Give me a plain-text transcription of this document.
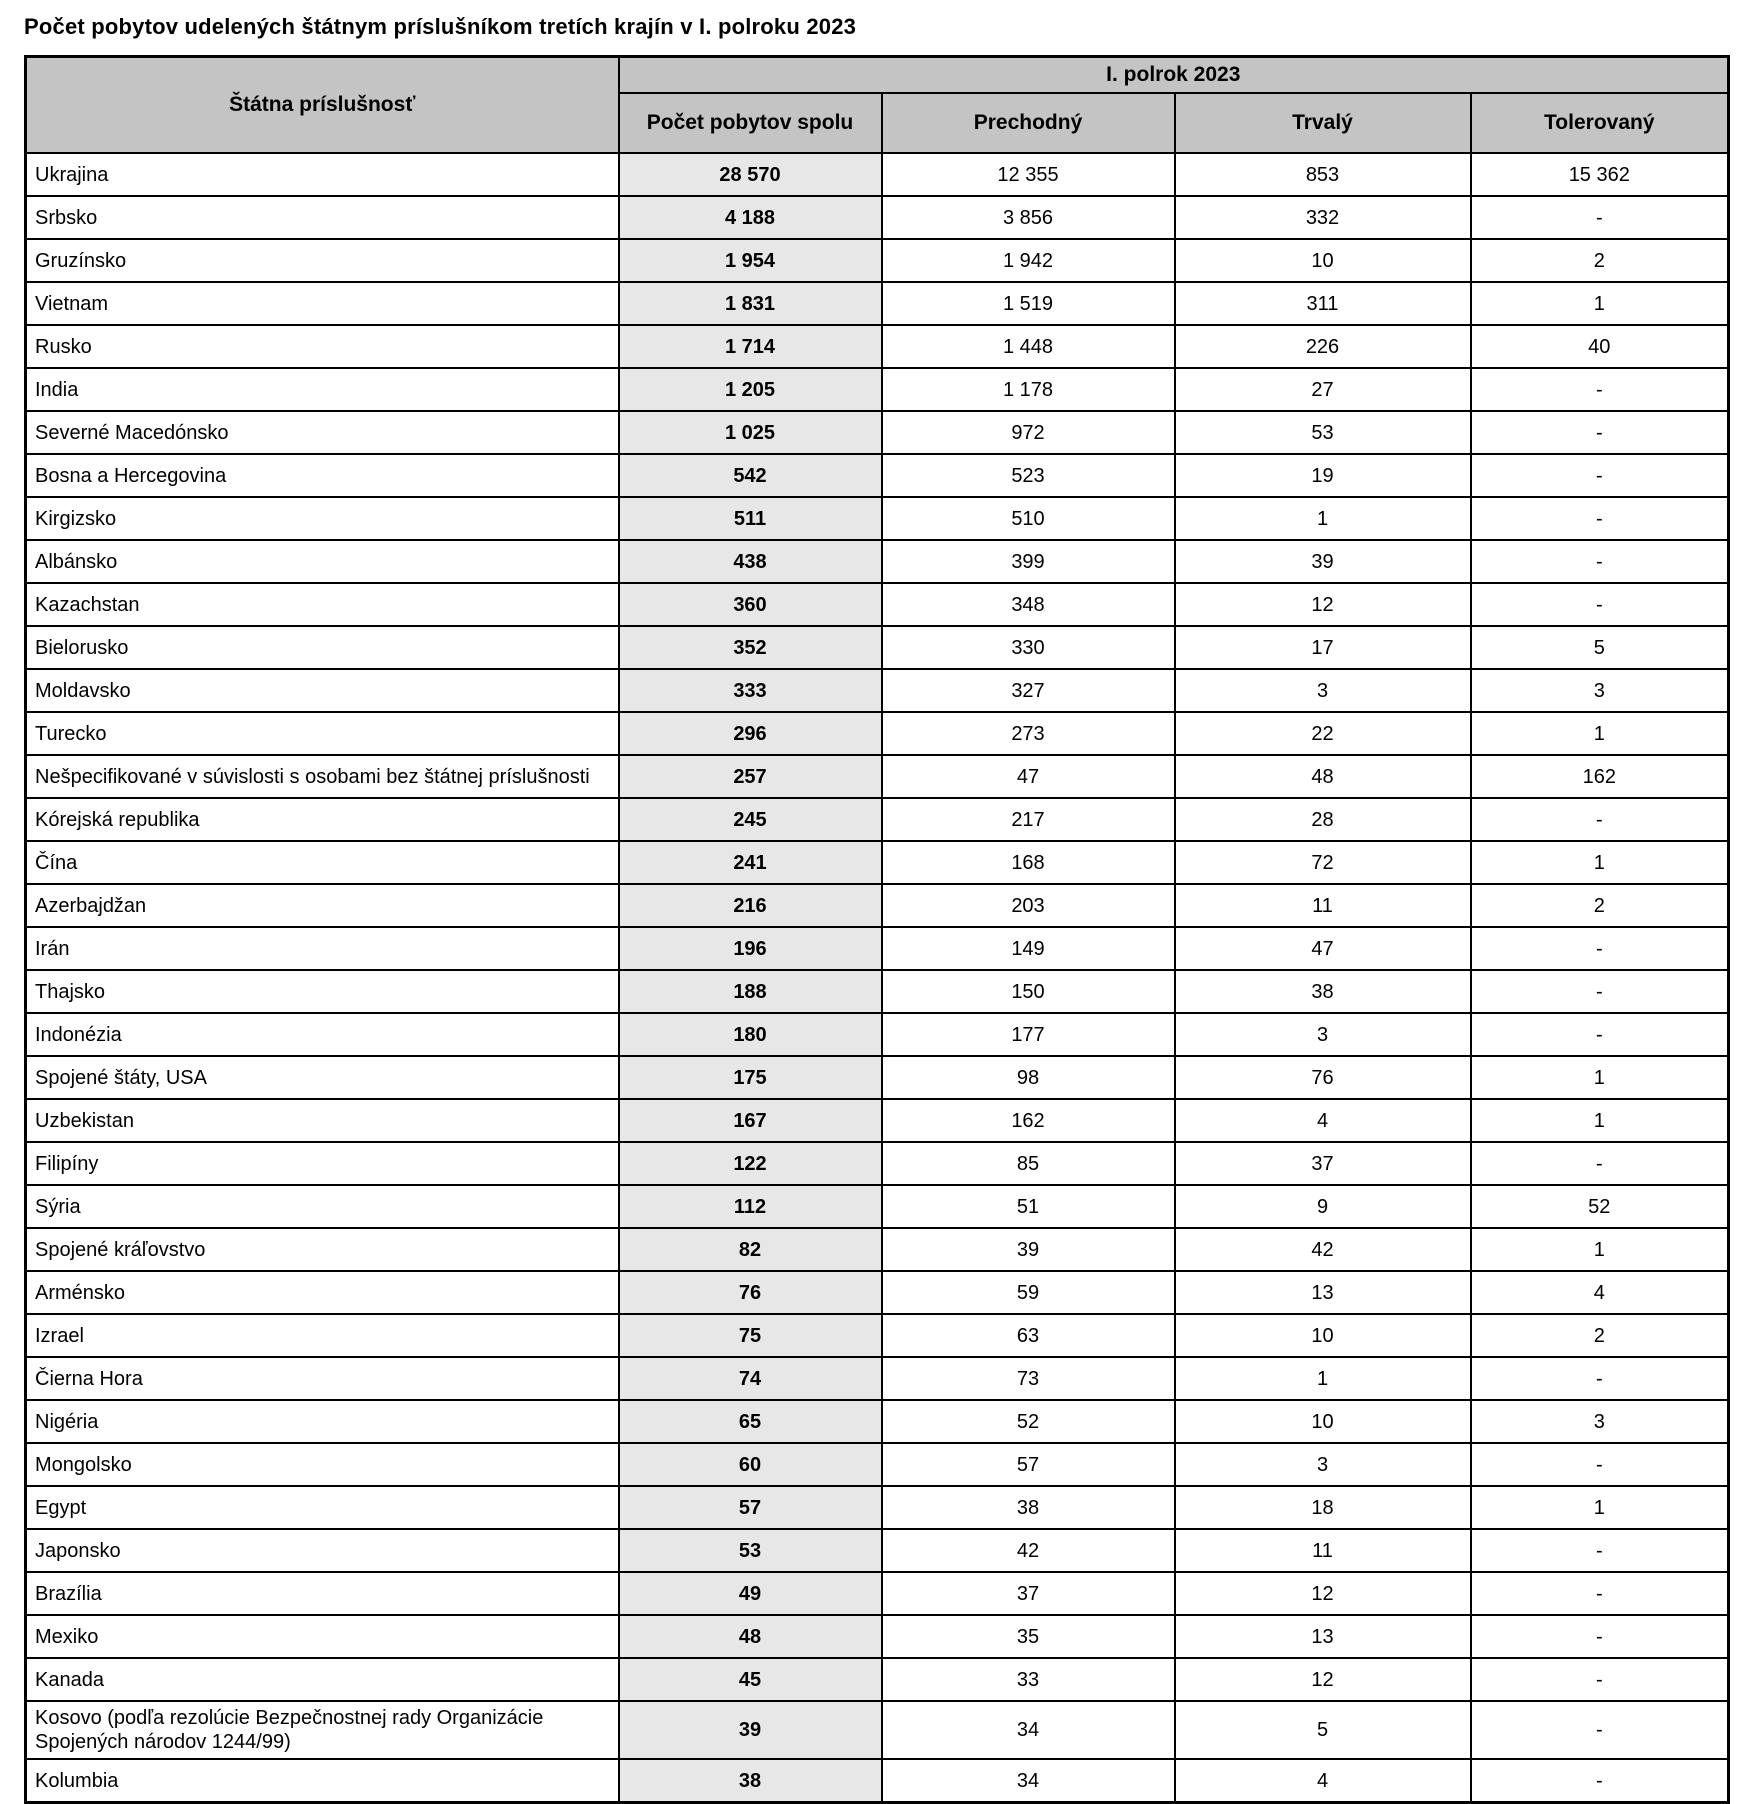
Počet pobytov udelených štátnym príslušníkom tretích krajín v I. polroku 2023
Štátna príslušnosť	I. polrok 2023			
	Počet pobytov spolu	Prechodný	Trvalý	Tolerovaný
Ukrajina	28 570	12 355	853	15 362
Srbsko	4 188	3 856	332	-
Gruzínsko	1 954	1 942	10	2
Vietnam	1 831	1 519	311	1
Rusko	1 714	1 448	226	40
India	1 205	1 178	27	-
Severné Macedónsko	1 025	972	53	-
Bosna a Hercegovina	542	523	19	-
Kirgizsko	511	510	1	-
Albánsko	438	399	39	-
Kazachstan	360	348	12	-
Bielorusko	352	330	17	5
Moldavsko	333	327	3	3
Turecko	296	273	22	1
Nešpecifikované v súvislosti s osobami bez štátnej príslušnosti	257	47	48	162
Kórejská republika	245	217	28	-
Čína	241	168	72	1
Azerbajdžan	216	203	11	2
Irán	196	149	47	-
Thajsko	188	150	38	-
Indonézia	180	177	3	-
Spojené štáty, USA	175	98	76	1
Uzbekistan	167	162	4	1
Filipíny	122	85	37	-
Sýria	112	51	9	52
Spojené kráľovstvo	82	39	42	1
Arménsko	76	59	13	4
Izrael	75	63	10	2
Čierna Hora	74	73	1	-
Nigéria	65	52	10	3
Mongolsko	60	57	3	-
Egypt	57	38	18	1
Japonsko	53	42	11	-
Brazília	49	37	12	-
Mexiko	48	35	13	-
Kanada	45	33	12	-
Kosovo (podľa rezolúcie Bezpečnostnej rady Organizácie Spojených národov 1244/99)	39	34	5	-
Kolumbia	38	34	4	-
